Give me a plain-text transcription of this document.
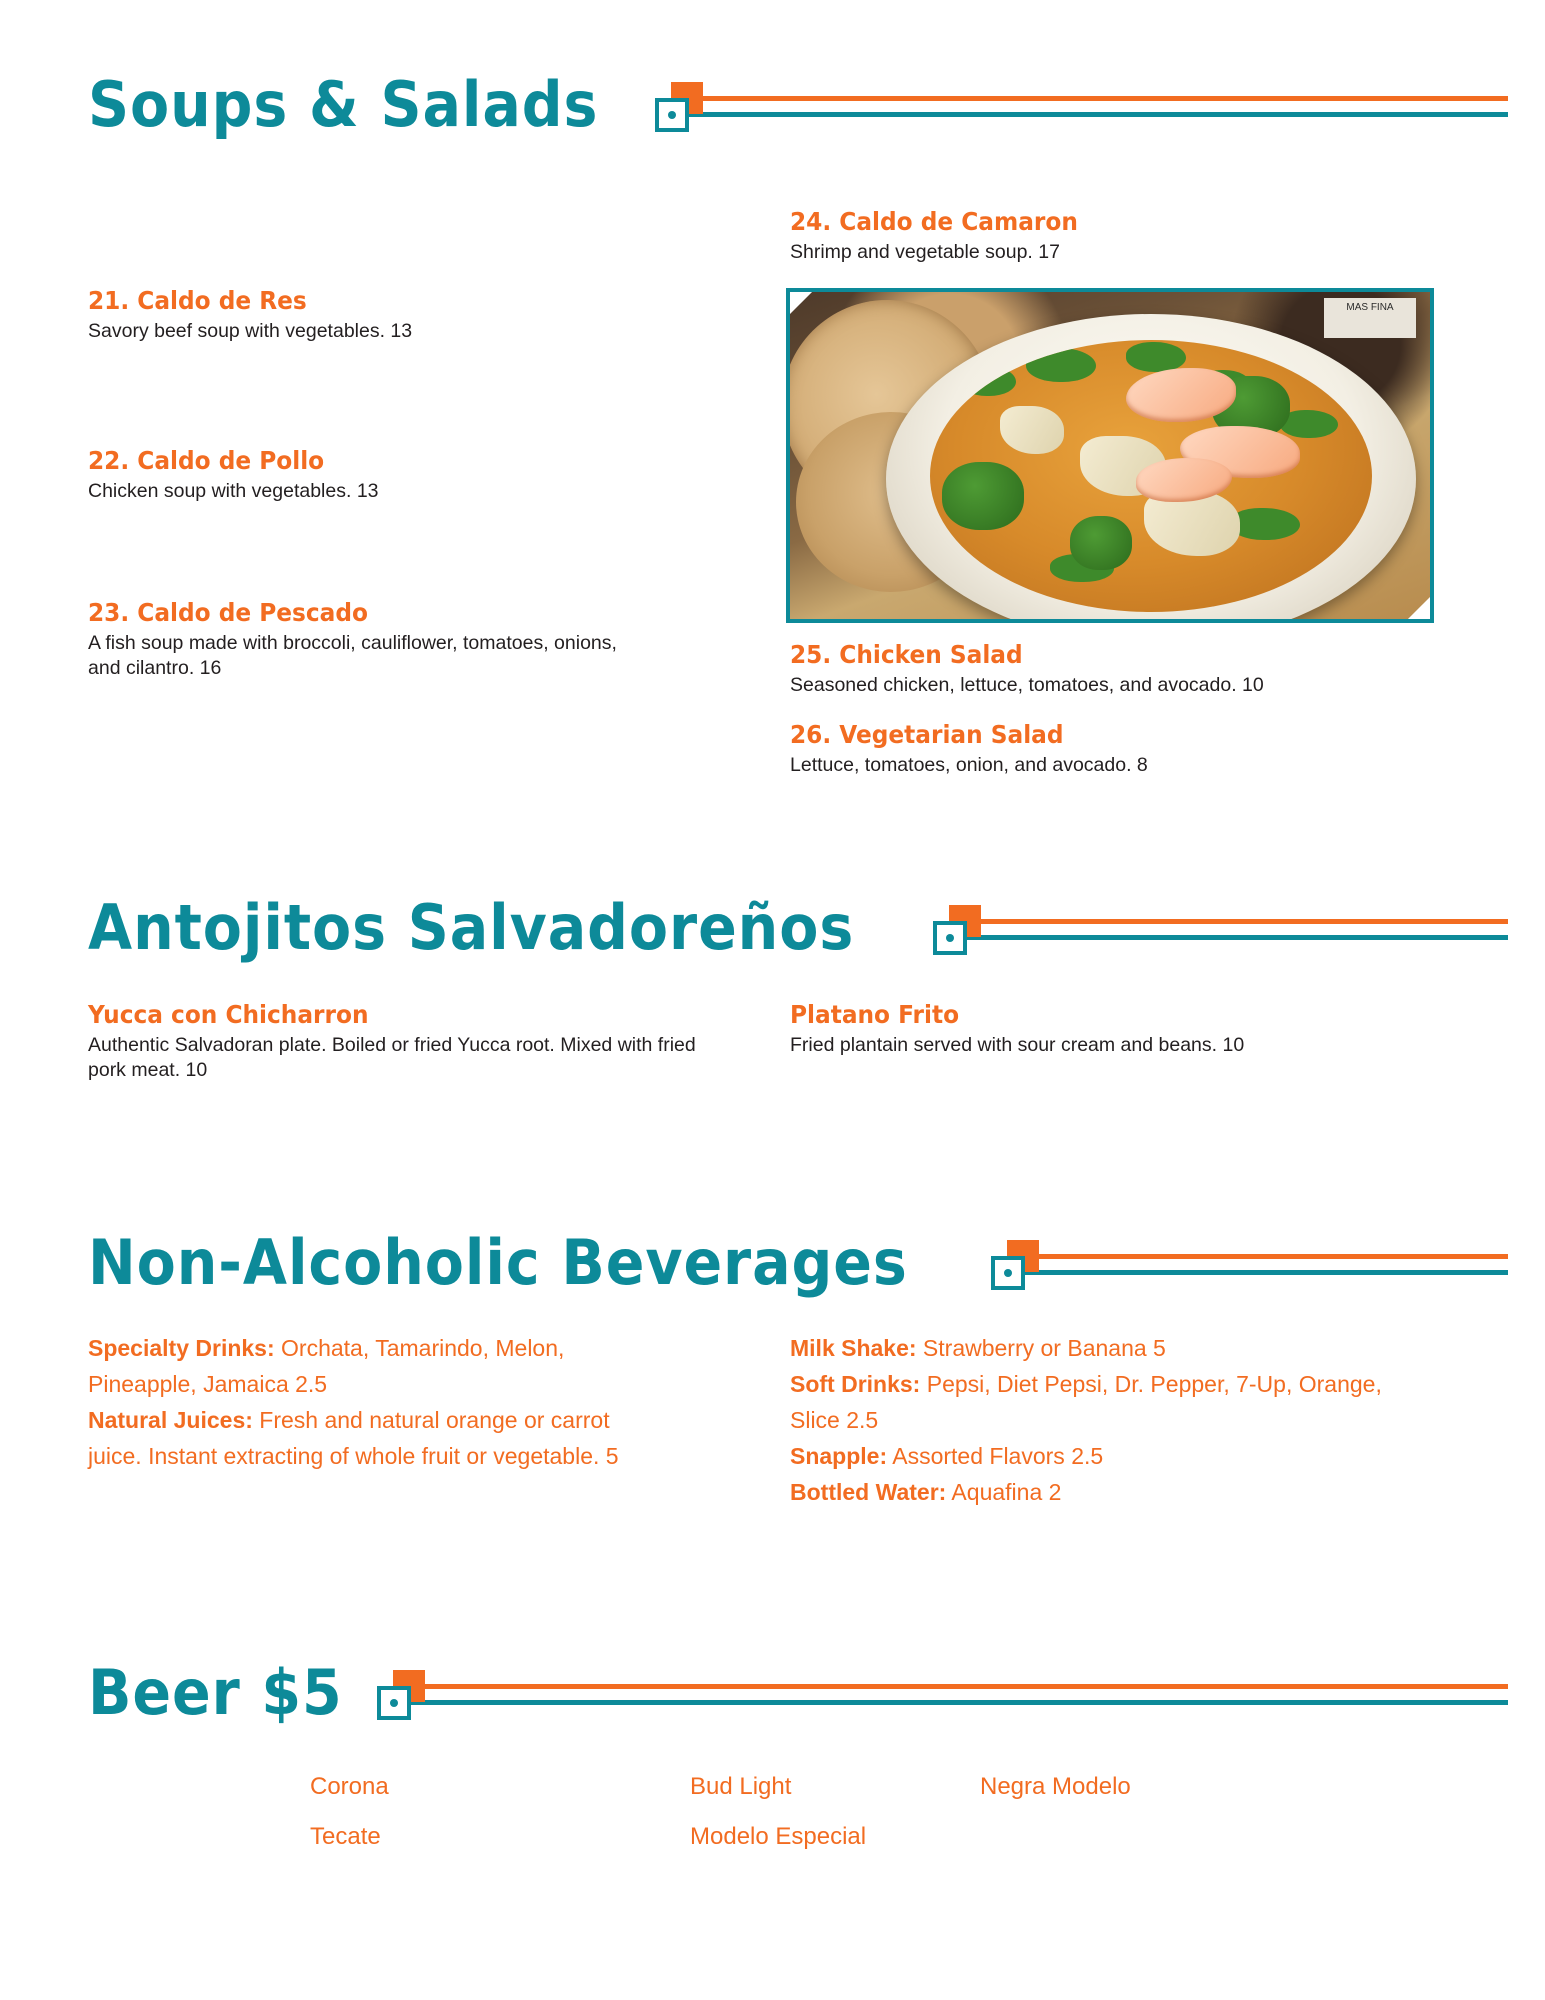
Soups & Salads
21. Caldo de Res
Savory beef soup with vegetables. 13
22. Caldo de Pollo
Chicken soup with vegetables. 13
23. Caldo de Pescado
A fish soup made with broccoli, cauliflower, tomatoes, onions, and cilantro. 16
24. Caldo de Camaron
Shrimp and vegetable soup. 17
MAS FINA
25. Chicken Salad
Seasoned chicken, lettuce, tomatoes, and avocado. 10
26. Vegetarian Salad
Lettuce, tomatoes, onion, and avocado. 8
Antojitos Salvadoreños
Yucca con Chicharron
Authentic Salvadoran plate. Boiled or fried Yucca root. Mixed with fried pork meat. 10
Platano Frito
Fried plantain served with sour cream and beans. 10
Non-Alcoholic Beverages
Specialty Drinks: Orchata, Tamarindo, Melon, Pineapple, Jamaica 2.5
Natural Juices: Fresh and natural orange or carrot juice. Instant extracting of whole fruit or vegetable. 5
Milk Shake: Strawberry or Banana 5
Soft Drinks: Pepsi, Diet Pepsi, Dr. Pepper, 7-Up, Orange, Slice 2.5
Snapple: Assorted Flavors 2.5
Bottled Water: Aquafina 2
Beer $5
Corona	Bud Light	Negra Modelo
Tecate	Modelo Especial
